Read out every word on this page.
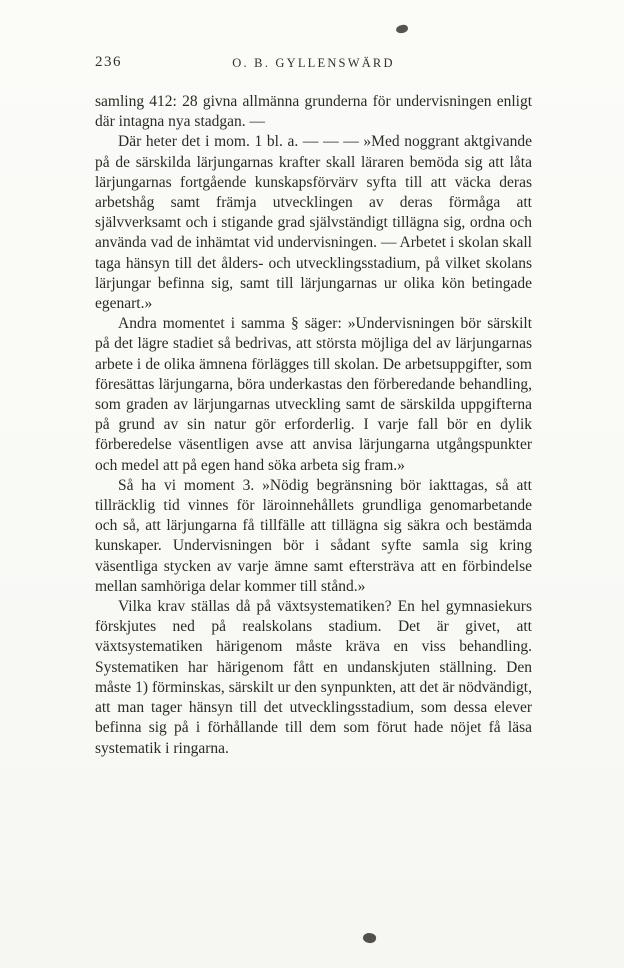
236	O. B. GYLLENSWÄRD

samling 412: 28 givna allmänna grunderna för undervisningen enligt där intagna nya stadgan. —

Där heter det i mom. 1 bl. a. — — — »Med noggrant aktgivande på de särskilda lärjungarnas krafter skall läraren bemöda sig att låta lärjungarnas fortgående kunskapsförvärv syfta till att väcka deras arbetshåg samt främja utvecklingen av deras förmåga att självverksamt och i stigande grad självständigt tillägna sig, ordna och använda vad de inhämtat vid undervisningen. — Arbetet i skolan skall taga hänsyn till det ålders- och utvecklingsstadium, på vilket skolans lärjungar befinna sig, samt till lärjungarnas ur olika kön betingade egenart.»

Andra momentet i samma § säger: »Undervisningen bör särskilt på det lägre stadiet så bedrivas, att största möjliga del av lärjungarnas arbete i de olika ämnena förlägges till skolan. De arbetsuppgifter, som föresättas lärjungarna, böra underkastas den förberedande behandling, som graden av lärjungarnas utveckling samt de särskilda uppgifterna på grund av sin natur gör erforderlig. I varje fall bör en dylik förberedelse väsentligen avse att anvisa lärjungarna utgångspunkter och medel att på egen hand söka arbeta sig fram.»

Så ha vi moment 3. »Nödig begränsning bör iakttagas, så att tillräcklig tid vinnes för läroinnehållets grundliga genomarbetande och så, att lärjungarna få tillfälle att tillägna sig säkra och bestämda kunskaper. Undervisningen bör i sådant syfte samla sig kring väsentliga stycken av varje ämne samt eftersträva att en förbindelse mellan samhöriga delar kommer till stånd.»

Vilka krav ställas då på växtsystematiken? En hel gymnasiekurs förskjutes ned på realskolans stadium. Det är givet, att växtsystematiken härigenom måste kräva en viss behandling. Systematiken har härigenom fått en undanskjuten ställning. Den måste 1) förminskas, särskilt ur den synpunkten, att det är nödvändigt, att man tager hänsyn till det utvecklingsstadium, som dessa elever befinna sig på i förhållande till dem som förut hade nöjet få läsa systematik i ringarna.
